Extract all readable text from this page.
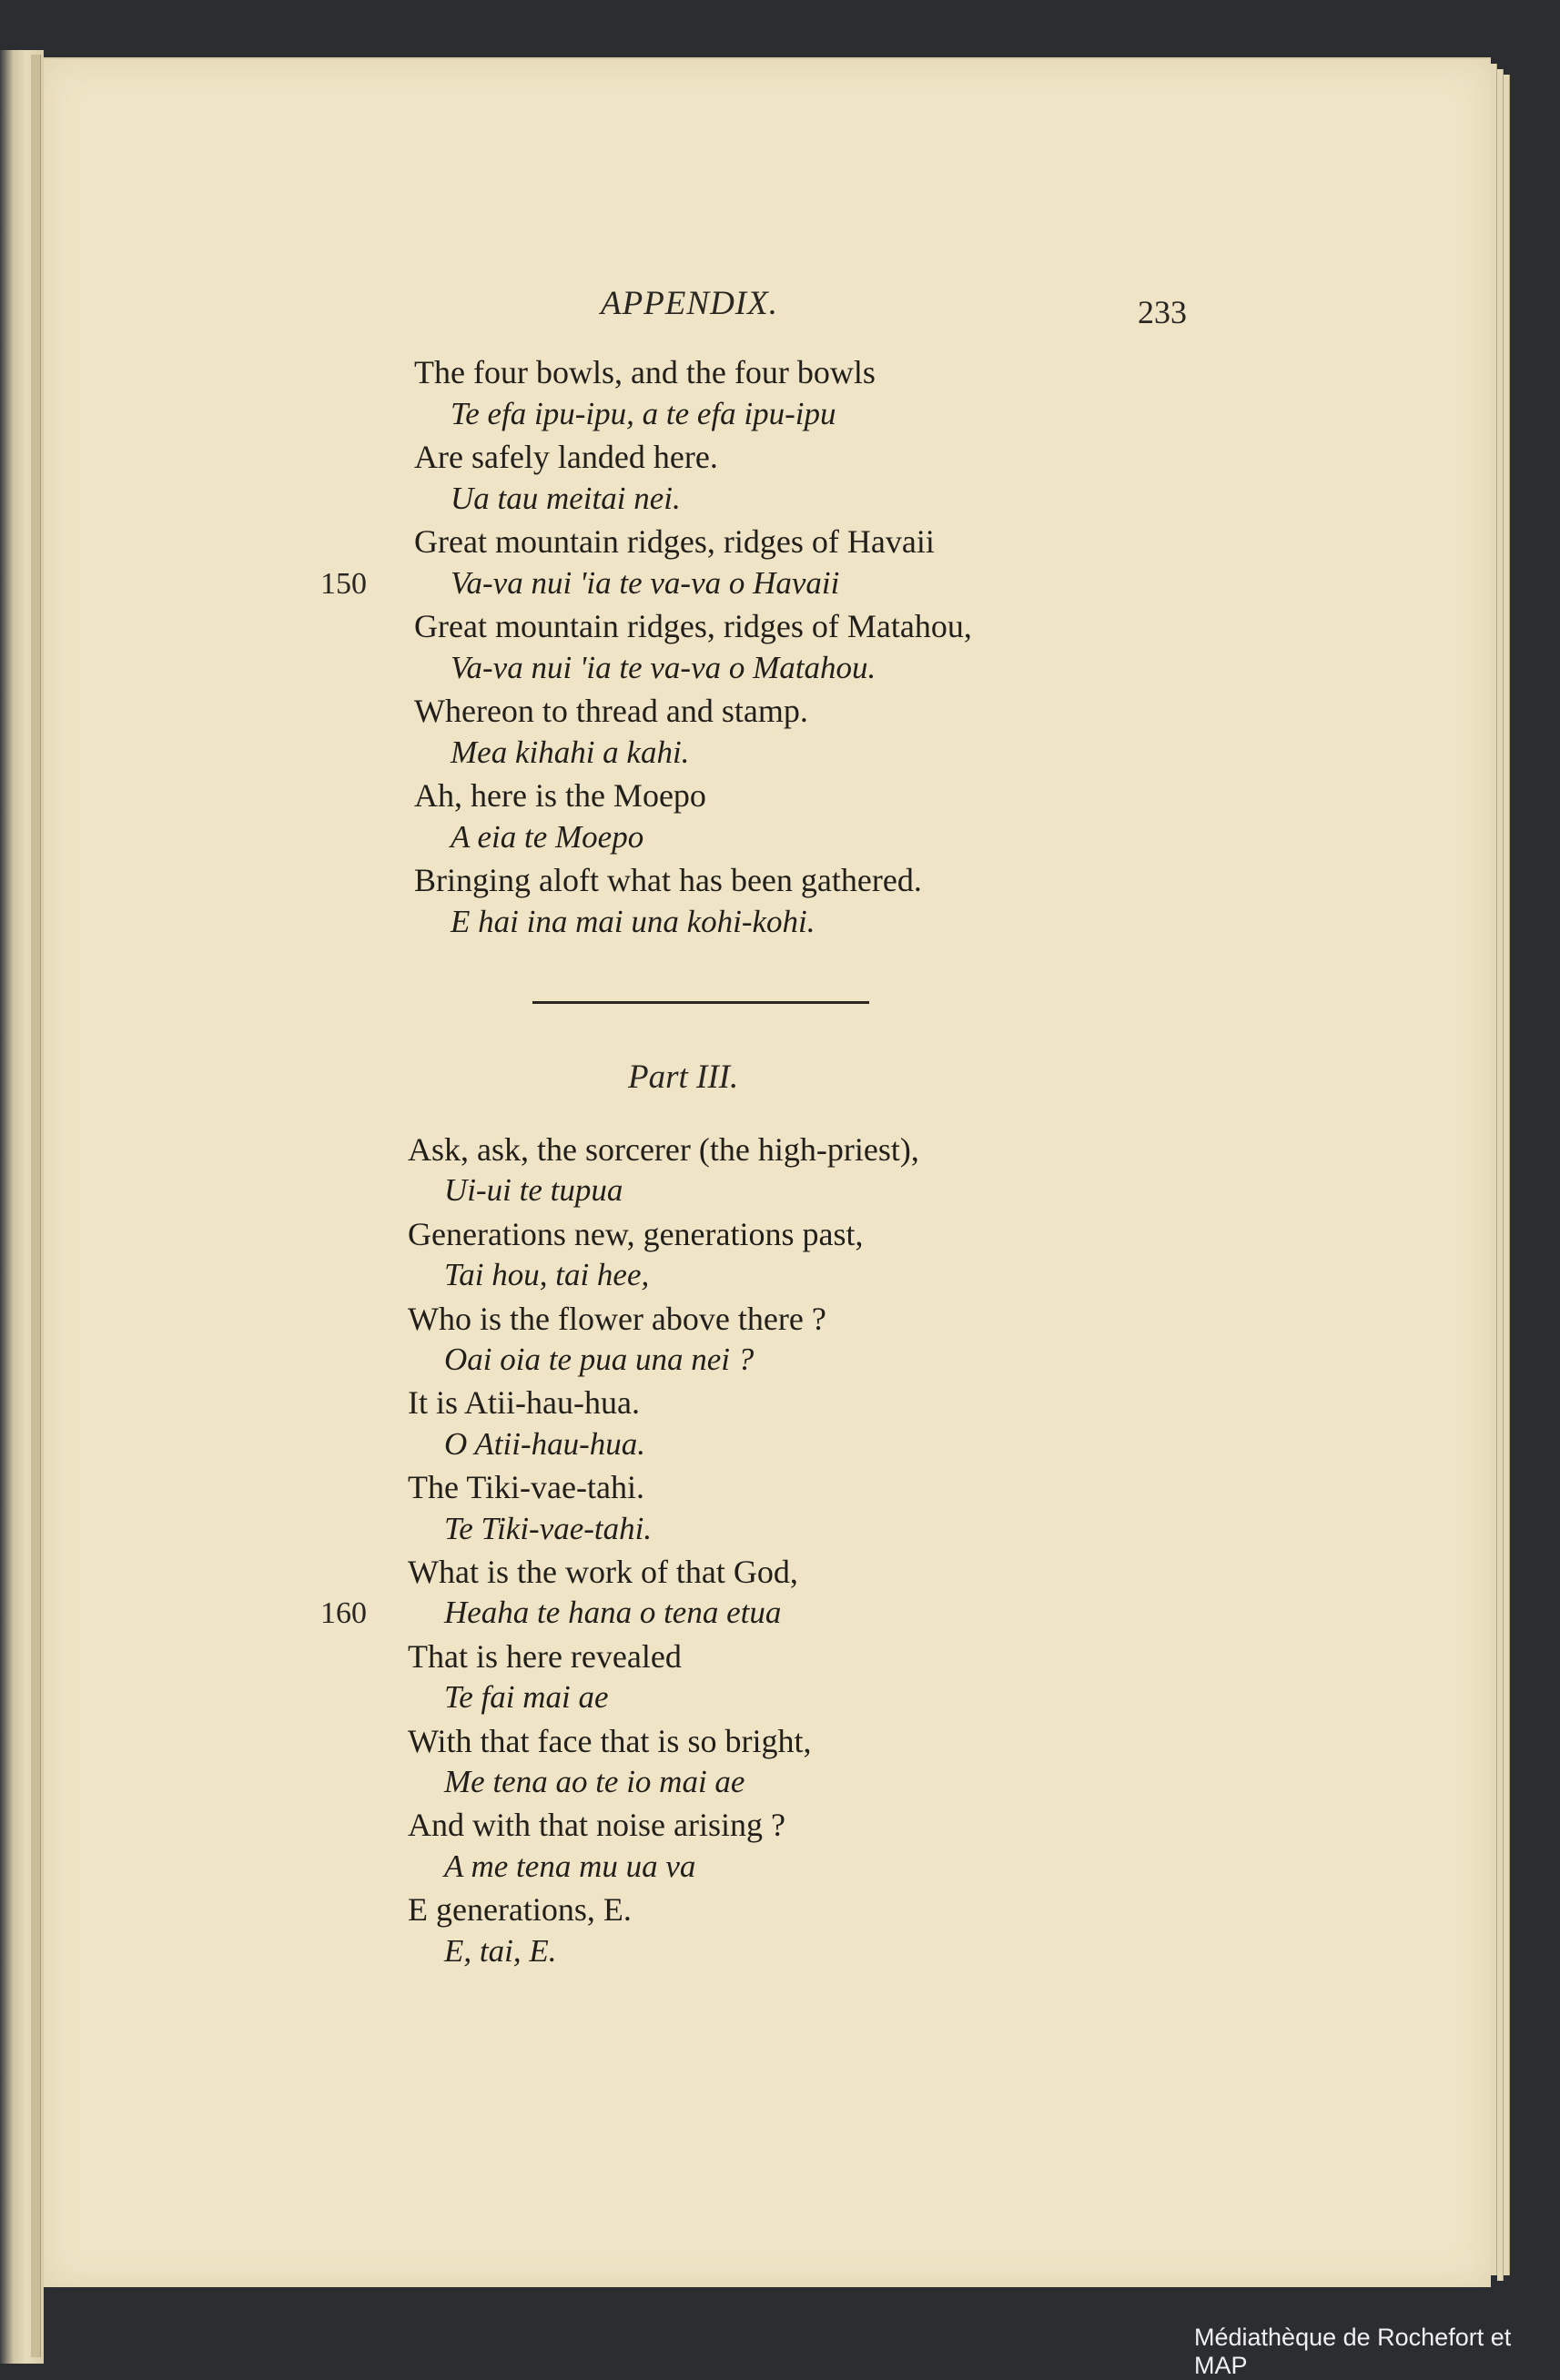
APPENDIX.	233
The four bowls, and the four bowls
Te efa ipu-ipu, a te efa ipu-ipu
Are safely landed here.
Ua tau meitai nei.
Great mountain ridges, ridges of Havaii
Va-va nui 'ia te va-va o Havaii
150
Great mountain ridges, ridges of Matahou,
Va-va nui 'ia te va-va o Matahou.
Whereon to thread and stamp.
Mea kihahi a kahi.
Ah, here is the Moepo
A eia te Moepo
Bringing aloft what has been gathered.
E hai ina mai una kohi-kohi.
Part III.
Ask, ask, the sorcerer (the high-priest),
Ui-ui te tupua
Generations new, generations past,
Tai hou, tai hee,
Who is the flower above there ?
Oai oia te pua una nei ?
It is Atii-hau-hua.
O Atii-hau-hua.
The Tiki-vae-tahi.
Te Tiki-vae-tahi.
What is the work of that God,
Heaha te hana o tena etua
160
That is here revealed
Te fai mai ae
With that face that is so bright,
Me tena ao te io mai ae
And with that noise arising ?
A me tena mu ua va
E generations, E.
E, tai, E.
Médiathèque de Rochefort et MAP
